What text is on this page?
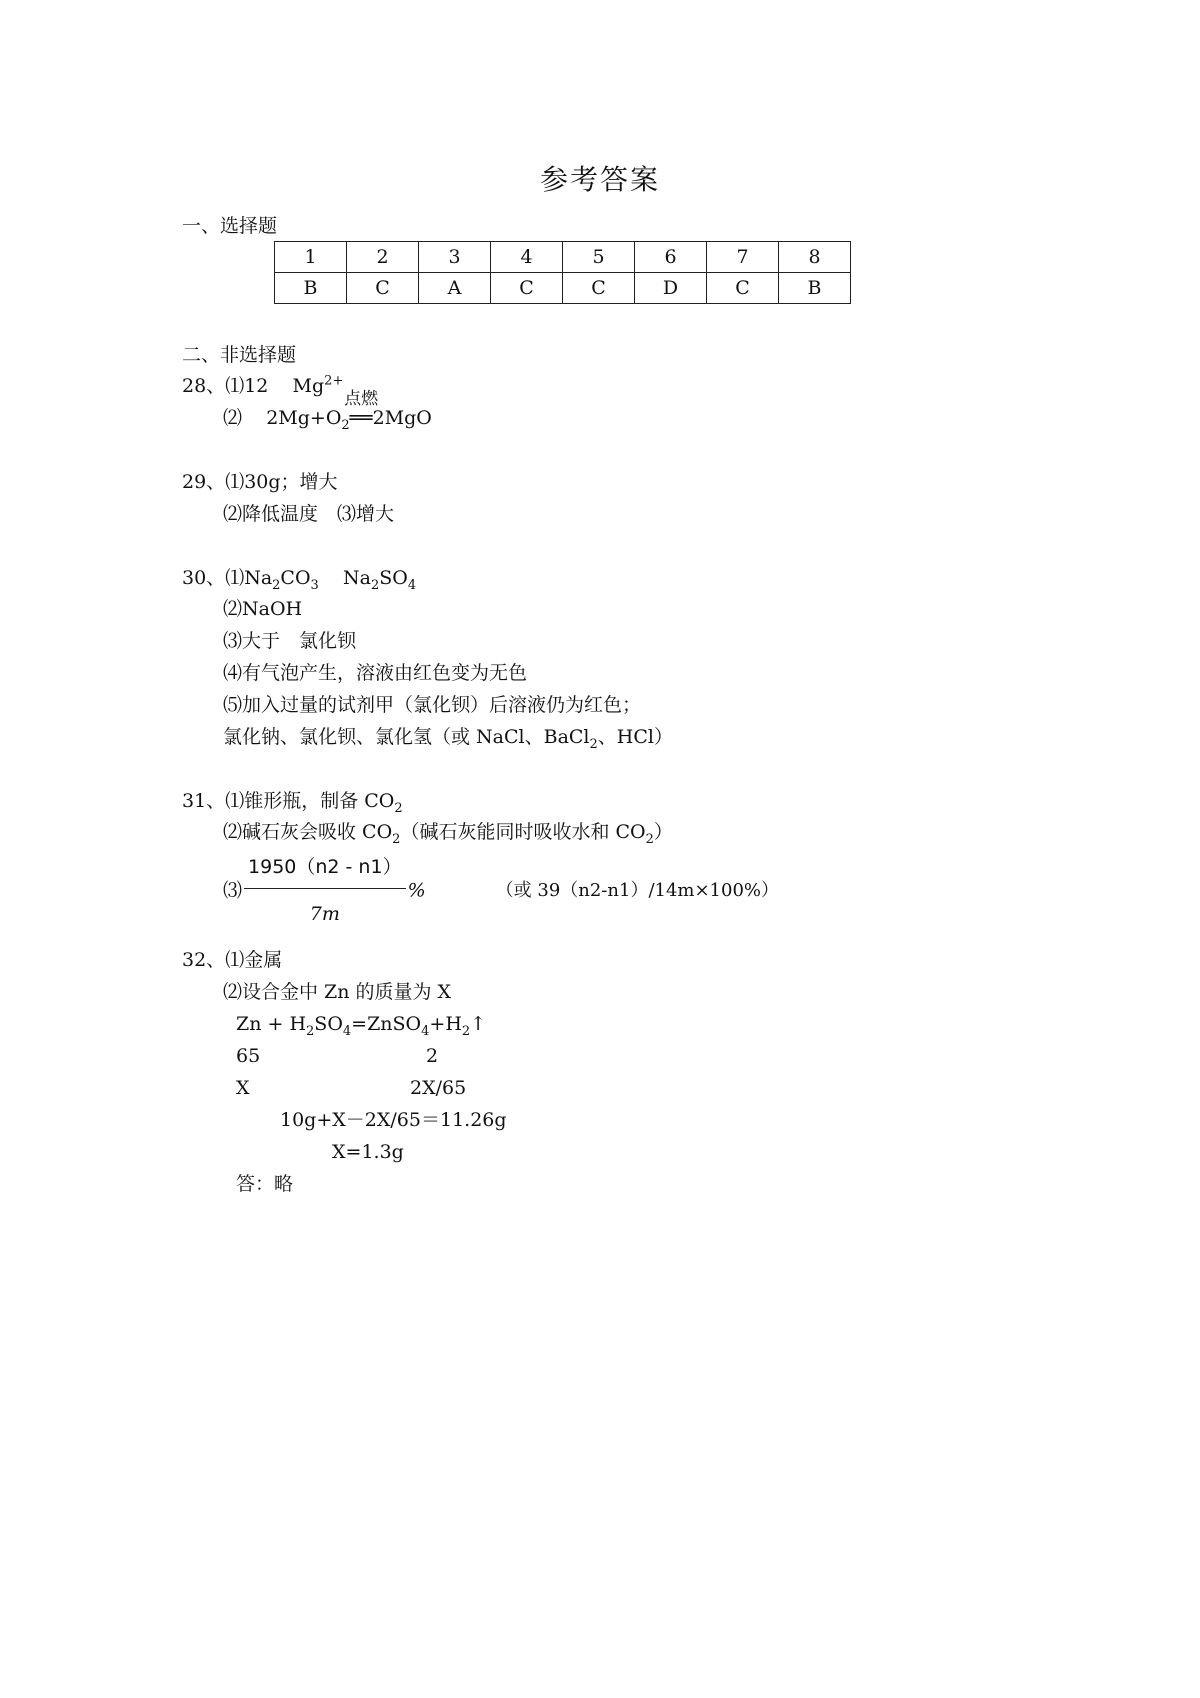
参考答案
一、选择题
1	2	3	4	5	6	7	8
B	C	A	C	C	D	C	B
二、非选择题
28、⑴12 $Mg^{2+}$
⑵ $2Mg+O_2$
点燃
══2MgO
29、⑴30g；增大
⑵降低温度　⑶增大
30、$⑴Na_2CO_3$ $Na_2SO_4$
⑵NaOH
⑶大于　氯化钡
⑷有气泡产生，溶液由红色变为无色
⑸加入过量的试剂甲（氯化钡）后溶液仍为红色；
氯化钠、氯化钡、氯化氢（或 NaCl、BaCl$_2$、HCl）
31、⑴锥形瓶，制备 $CO_2$
⑵碱石灰会吸收 $CO_2$（碱石灰能同时吸收水和 $CO_2$）
⑶ $\frac{1950(n2 - n1)}{7m}$ %	（或 39（n2-n1）/14m×100%）
32、⑴金属
⑵设合金中 Zn 的质量为 X
$Zn + H_2SO_4=ZnSO_4+H_2↑$
65	2
X	2X/65
10g+X－2X/65＝11.26g
X=1.3g
答：略
